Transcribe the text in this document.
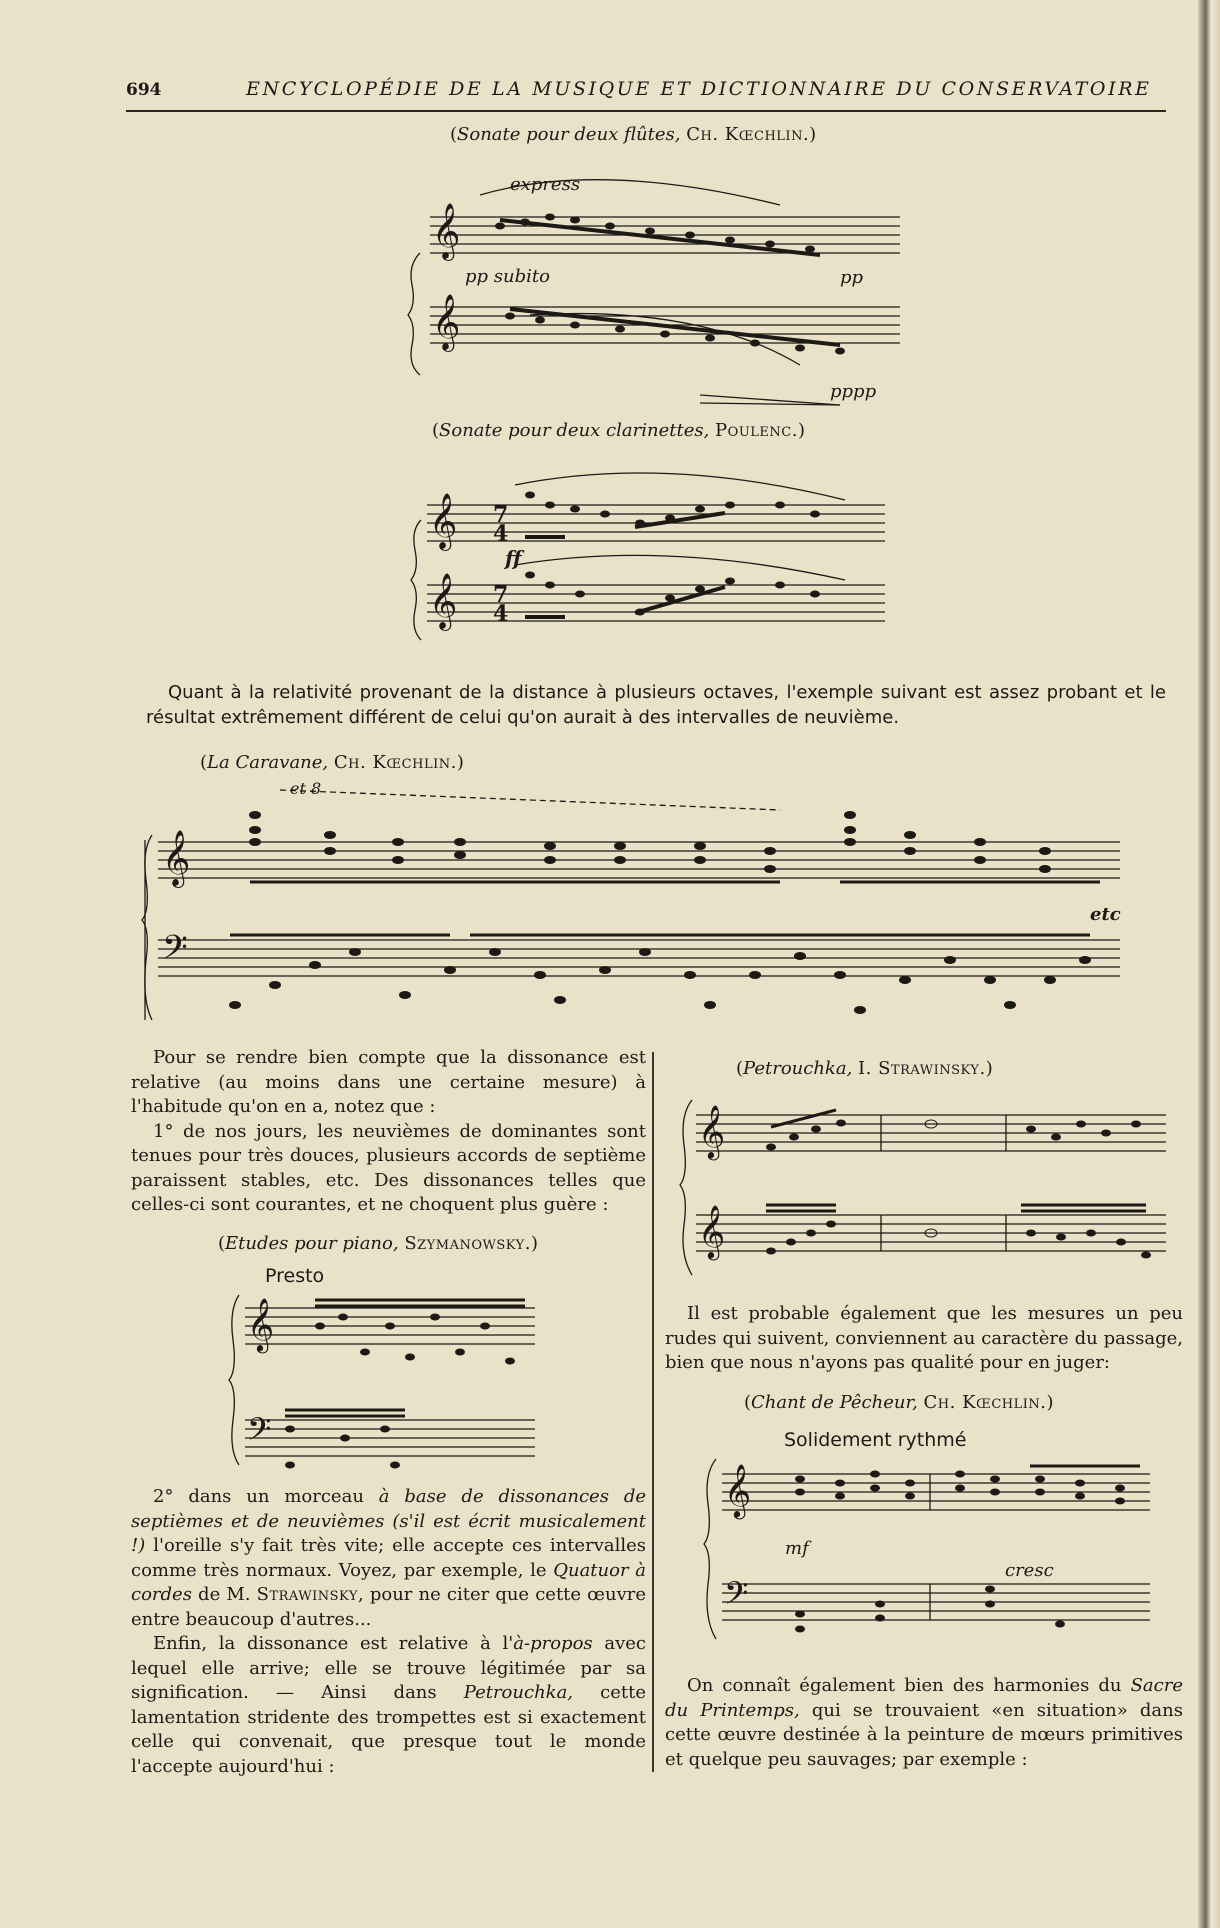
694	ENCYCLOPÉDIE DE LA MUSIQUE ET DICTIONNAIRE DU CONSERVATOIRE
(Sonate pour deux flûtes, Ch. Kœchlin.)
𝄞
𝄞
express
pp subito	pp
pppp
(Sonate pour deux clarinettes, Poulenc.)
𝄞
𝄞
7
4
7
4
ff

Quant à la relativité provenant de la distance à plusieurs octaves, l'exemple suivant est assez probant et le résultat extrêmement différent de celui qu'on aurait à des intervalles de neuvième.

(La Caravane, Ch. Kœchlin.)
𝄞
𝄢
et 8
etc

Pour se rendre bien compte que la dissonance est relative (au moins dans une certaine mesure) à l'habitude qu'on en a, notez que :

1° de nos jours, les neuvièmes de dominantes sont tenues pour très douces, plusieurs accords de septième paraissent stables, etc. Des dissonances telles que celles-ci sont courantes, et ne choquent plus guère :

(Etudes pour piano, Szymanowsky.)
𝄞
𝄢
Presto

2° dans un morceau à base de dissonances de septièmes et de neuvièmes (s'il est écrit musicalement !) l'oreille s'y fait très vite; elle accepte ces intervalles comme très normaux. Voyez, par exemple, le Quatuor à cordes de M. Strawinsky, pour ne citer que cette œuvre entre beaucoup d'autres...

Enfin, la dissonance est relative à l'à-propos avec lequel elle arrive; elle se trouve légitimée par sa signification. — Ainsi dans Petrouchka, cette lamentation stridente des trompettes est si exactement celle qui convenait, que presque tout le monde l'accepte aujourd'hui :

(Petrouchka, I. Strawinsky.)
𝄞
𝄞

Il est probable également que les mesures un peu rudes qui suivent, conviennent au caractère du passage, bien que nous n'ayons pas qualité pour en juger:

(Chant de Pêcheur, Ch. Kœchlin.)
𝄞
𝄢
Solidement rythmé
mf
cresc

On connaît également bien des harmonies du Sacre du Printemps, qui se trouvaient «en situation» dans cette œuvre destinée à la peinture de mœurs primitives et quelque peu sauvages; par exemple :
